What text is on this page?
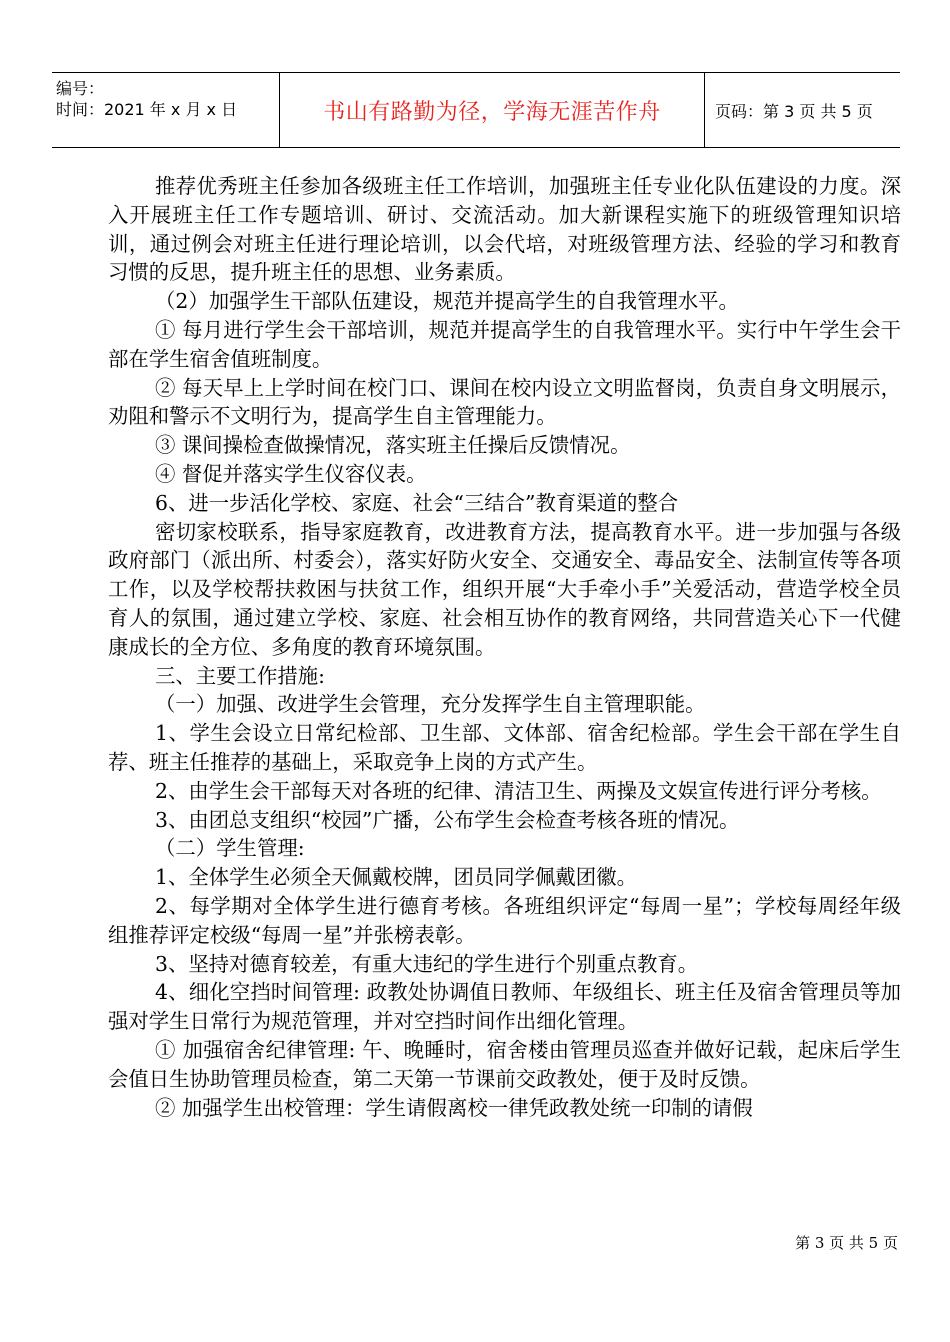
编号：
时间：2021 年 x 月 x 日	书山有路勤为径，学海无涯苦作舟	页码：第 3 页 共 5 页

推荐优秀班主任参加各级班主任工作培训，加强班主任专业化队伍建设的力度。深入开展班主任工作专题培训、研讨、交流活动。加大新课程实施下的班级管理知识培训，通过例会对班主任进行理论培训，以会代培，对班级管理方法、经验的学习和教育习惯的反思，提升班主任的思想、业务素质。

（2）加强学生干部队伍建设，规范并提高学生的自我管理水平。

① 每月进行学生会干部培训，规范并提高学生的自我管理水平。实行中午学生会干部在学生宿舍值班制度。

② 每天早上上学时间在校门口、课间在校内设立文明监督岗，负责自身文明展示，劝阻和警示不文明行为，提高学生自主管理能力。

③ 课间操检查做操情况，落实班主任操后反馈情况。

④ 督促并落实学生仪容仪表。

6、进一步活化学校、家庭、社会“三结合”教育渠道的整合

密切家校联系，指导家庭教育，改进教育方法，提高教育水平。进一步加强与各级政府部门（派出所、村委会），落实好防火安全、交通安全、毒品安全、法制宣传等各项工作，以及学校帮扶救困与扶贫工作，组织开展“大手牵小手”关爱活动，营造学校全员育人的氛围，通过建立学校、家庭、社会相互协作的教育网络，共同营造关心下一代健康成长的全方位、多角度的教育环境氛围。

三、主要工作措施:

（一）加强、改进学生会管理，充分发挥学生自主管理职能。

1、学生会设立日常纪检部、卫生部、文体部、宿舍纪检部。学生会干部在学生自荐、班主任推荐的基础上，采取竞争上岗的方式产生。

2、由学生会干部每天对各班的纪律、清洁卫生、两操及文娱宣传进行评分考核。

3、由团总支组织“校园”广播，公布学生会检查考核各班的情况。

（二）学生管理:

1、全体学生必须全天佩戴校牌，团员同学佩戴团徽。

2、每学期对全体学生进行德育考核。各班组织评定“每周一星”；学校每周经年级组推荐评定校级“每周一星”并张榜表彰。

3、坚持对德育较差，有重大违纪的学生进行个别重点教育。

4、细化空挡时间管理: 政教处协调值日教师、年级组长、班主任及宿舍管理员等加强对学生日常行为规范管理，并对空挡时间作出细化管理。

① 加强宿舍纪律管理: 午、晚睡时，宿舍楼由管理员巡查并做好记载，起床后学生会值日生协助管理员检查，第二天第一节课前交政教处，便于及时反馈。

② 加强学生出校管理：学生请假离校一律凭政教处统一印制的请假

第 3 页 共 5 页
